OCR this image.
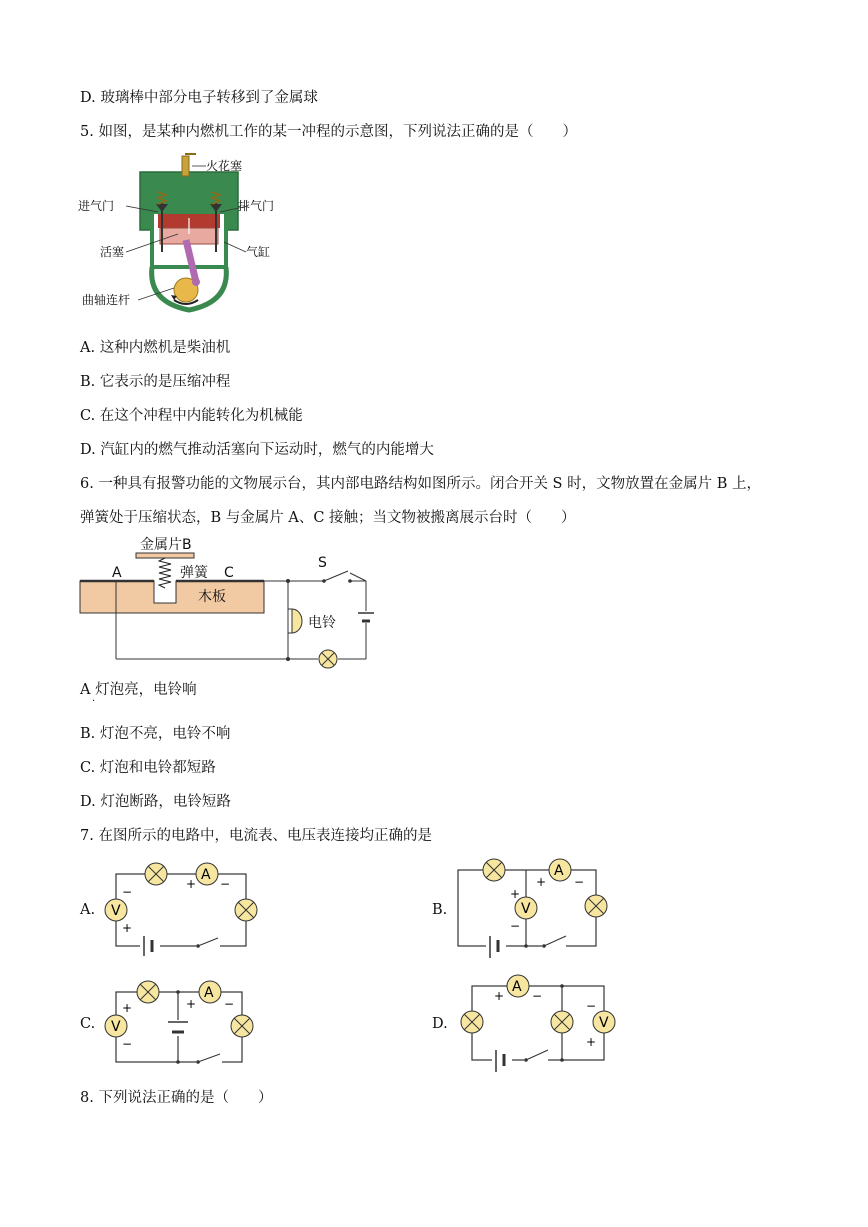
D. 玻璃棒中部分电子转移到了金属球
5. 如图，是某种内燃机工作的某一冲程的示意图，下列说法正确的是（　　）
火花塞
进气门	排气门
活塞	气缸
曲轴连杆
A. 这种内燃机是柴油机
B. 它表示的是压缩冲程
C. 在这个冲程中内能转化为机械能
D. 汽缸内的燃气推动活塞向下运动时，燃气的内能增大
6. 一种具有报警功能的文物展示台，其内部电路结构如图所示。闭合开关 S 时，文物放置在金属片 B 上，
弹簧处于压缩状态，B 与金属片 A、C 接触；当文物被搬离展示台时（　　）
金属片B
A	弹簧 C
S
木板
电铃
A 灯泡亮，电铃响
·
B. 灯泡不亮，电铃不响
C. 灯泡和电铃都短路
D. 灯泡断路，电铃短路
7. 在图所示的电路中，电流表、电压表连接均正确的是
A.
A
+ −
V
−
+
B.
A
+ −
V
+
−
C.
A
+ −
V
+
−
D.
A
+ −
V
−
+
8. 下列说法正确的是（　　）
